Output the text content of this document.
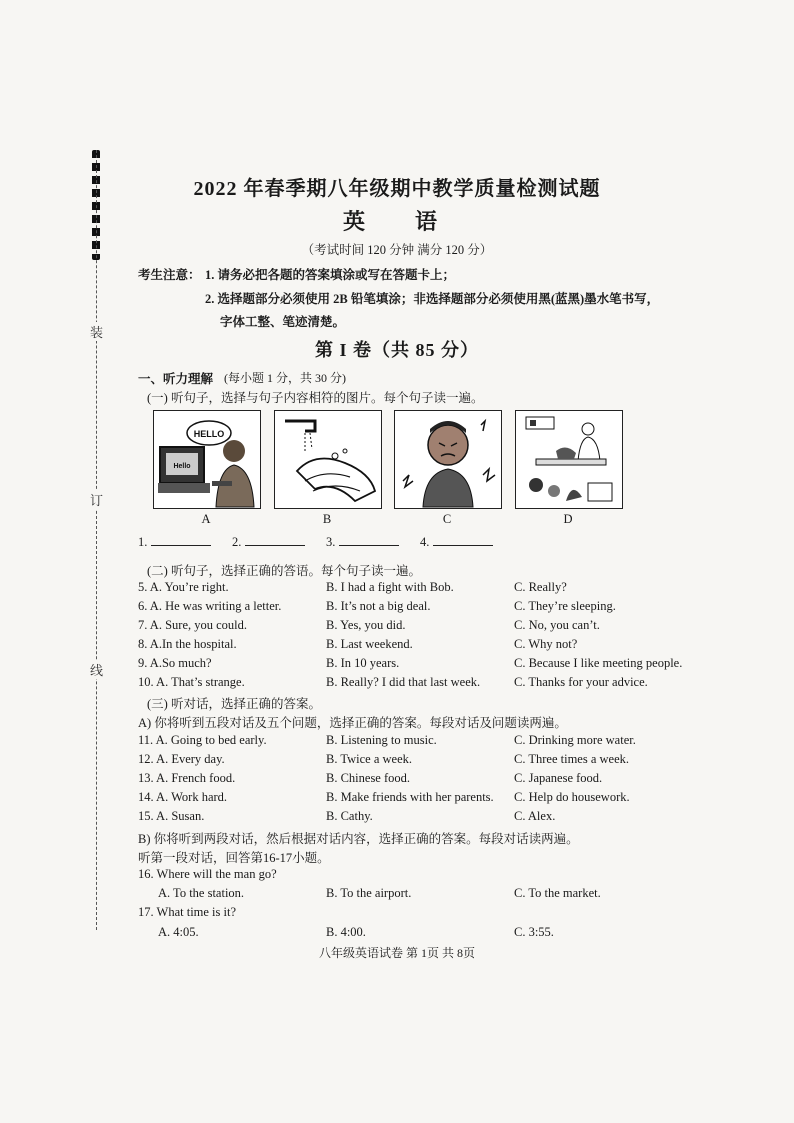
装
订
线
2022 年春季期八年级期中教学质量检测试题
英　语
（考试时间 120 分钟 满分 120 分）
考生注意： 1. 请务必把各题的答案填涂或写在答题卡上；
2. 选择题部分必须使用 2B 铅笔填涂；非选择题部分必须使用黑(蓝黑)墨水笔书写，
字体工整、笔迹清楚。
第 I 卷（共 85 分）
一、听力理解 (每小题 1 分，共 30 分)
(一) 听句子，选择与句子内容相符的图片。每个句子读一遍。
Hello
HELLO
A	B	C	D
1.	2.	3.	4.
(二) 听句子，选择正确的答语。每个句子读一遍。
5. A. You’re right.	B. I had a fight with Bob.	C. Really?
6. A. He was writing a letter.	B. It’s not a big deal.	C. They’re sleeping.
7. A. Sure, you could.	B. Yes, you did.	C. No, you can’t.
8. A.In the hospital.	B. Last weekend.	C. Why not?
9. A.So much?	B. In 10 years.	C. Because I like meeting people.
10. A. That’s strange.	B. Really? I did that last week.	C. Thanks for your advice.
(三) 听对话，选择正确的答案。
A) 你将听到五段对话及五个问题，选择正确的答案。每段对话及问题读两遍。
11. A. Going to bed early.	B. Listening to music.	C. Drinking more water.
12. A. Every day.	B. Twice a week.	C. Three times a week.
13. A. French food.	B. Chinese food.	C. Japanese food.
14. A. Work hard.	B. Make friends with her parents. C. Help do housework.
15. A. Susan.	B. Cathy.	C. Alex.
B) 你将听到两段对话，然后根据对话内容，选择正确的答案。每段对话读两遍。
听第一段对话，回答第16-17小题。
16. Where will the man go?
A. To the station.	B. To the airport.	C. To the market.
17. What time is it?
A. 4:05.	B. 4:00.	C. 3:55.
八年级英语试卷 第 1页 共 8页
